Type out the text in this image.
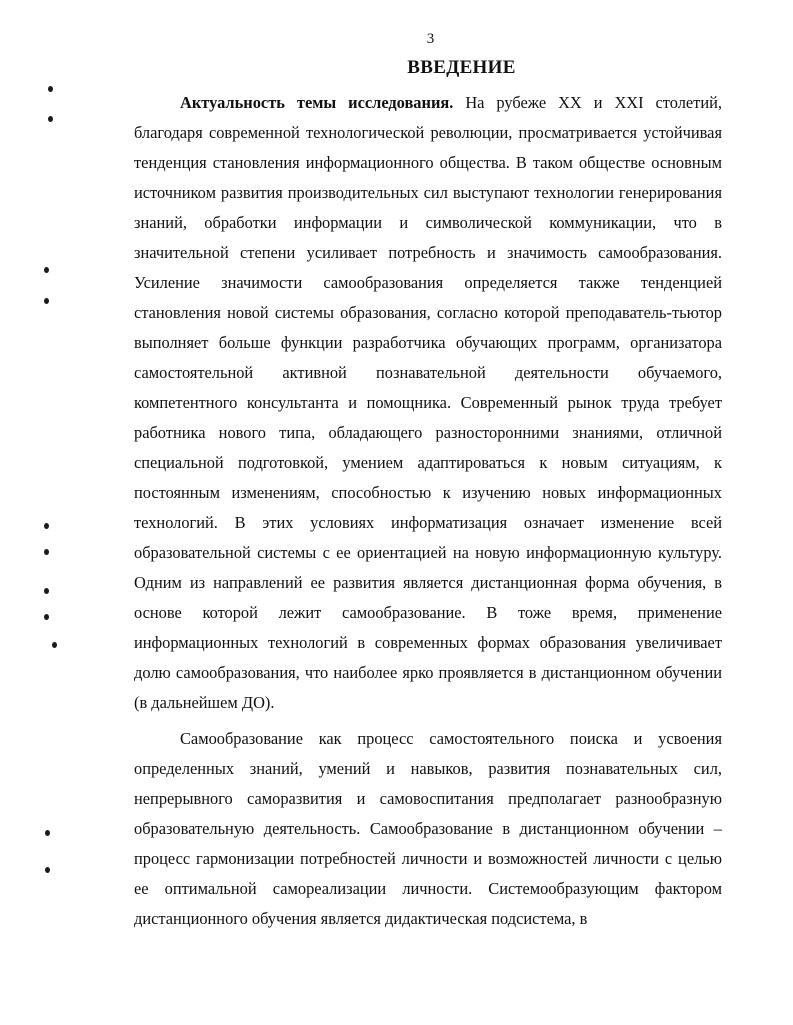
3
ВВЕДЕНИЕ

Актуальность темы исследования. На рубеже XX и XXI столетий, благодаря современной технологической революции, просматривается устойчивая тенденция становления информационного общества. В таком обществе основным источником развития производительных сил выступают технологии генерирования знаний, обработки информации и символической коммуникации, что в значительной степени усиливает потребность и значимость самообразования. Усиление значимости самообразования определяется также тенденцией становления новой системы образования, согласно которой преподаватель-тьютор выполняет больше функции разработчика обучающих программ, организатора самостоятельной активной познавательной деятельности обучаемого, компетентного консультанта и помощника. Современный рынок труда требует работника нового типа, обладающего разносторонними знаниями, отличной специальной подготовкой, умением адаптироваться к новым ситуациям, к постоянным изменениям, способностью к изучению новых информационных технологий. В этих условиях информатизация означает изменение всей образовательной системы с ее ориентацией на новую информационную культуру. Одним из направлений ее развития является дистанционная форма обучения, в основе которой лежит самообразование. В тоже время, применение информационных технологий в современных формах образования увеличивает долю самообразования, что наиболее ярко проявляется в дистанционном обучении (в дальнейшем ДО).

Самообразование как процесс самостоятельного поиска и усвоения определенных знаний, умений и навыков, развития познавательных сил, непрерывного саморазвития и самовоспитания предполагает разнообразную образовательную деятельность. Самообразование в дистанционном обучении – процесс гармонизации потребностей личности и возможностей личности с целью ее оптимальной самореализации личности. Системообразующим фактором дистанционного обучения является дидактическая подсистема, в
